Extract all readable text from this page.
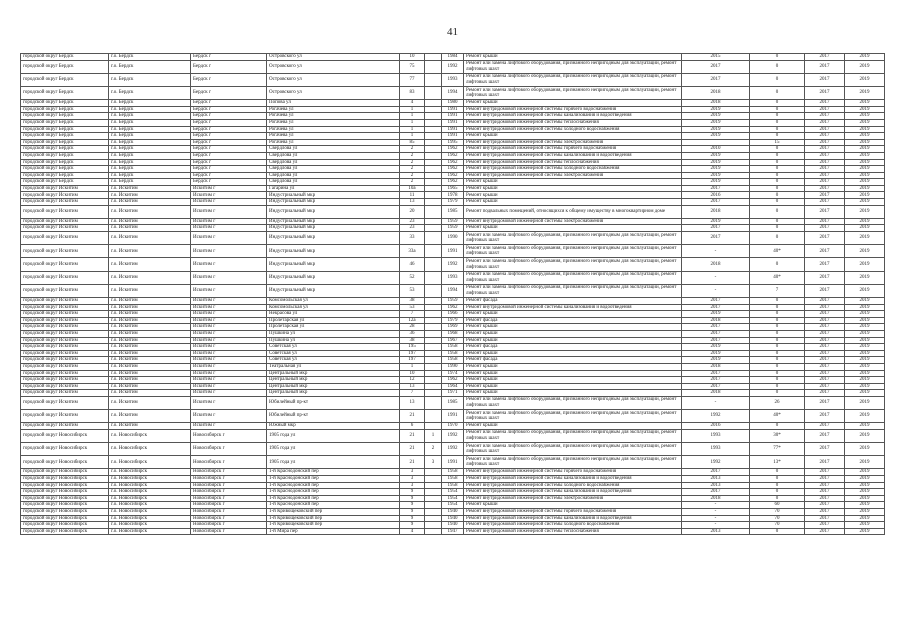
41
городской округ Бердск	г.о. Бердск	Бердск г	Островского ул	10		1984	Ремонт крыши	2015	0	2017	2019
городской округ Бердск	г.о. Бердск	Бердск г	Островского ул	75		1992	Ремонт или замена лифтового оборудования, признанного непригодным для эксплуатации, ремонт лифтовых шахт	2017	0	2017	2019
городской округ Бердск	г.о. Бердск	Бердск г	Островского ул	77		1993	Ремонт или замена лифтового оборудования, признанного непригодным для эксплуатации, ремонт лифтовых шахт	2017	0	2017	2019
городской округ Бердск	г.о. Бердск	Бердск г	Островского ул	83		1994	Ремонт или замена лифтового оборудования, признанного непригодным для эксплуатации, ремонт лифтовых шахт	2018	0	2017	2019
городской округ Бердск	г.о. Бердск	Бердск г	Попова ул	4		1980	Ремонт крыши	2018	0	2017	2019
городской округ Бердск	г.о. Бердск	Бердск г	Рогачева ул	1		1991	Ремонт внутридомовой инженерной системы горячего водоснабжения	2019	0	2017	2019
городской округ Бердск	г.о. Бердск	Бердск г	Рогачева ул	1		1991	Ремонт внутридомовой инженерной системы канализования и водоотведения	2019	0	2017	2019
городской округ Бердск	г.о. Бердск	Бердск г	Рогачева ул	1		1991	Ремонт внутридомовой инженерной системы теплоснабжения	2019	0	2017	2019
городской округ Бердск	г.о. Бердск	Бердск г	Рогачева ул	1		1991	Ремонт внутридомовой инженерной системы холодного водоснабжения	2019	0	2017	2019
городской округ Бердск	г.о. Бердск	Бердск г	Рогачева ул	1		1991	Ремонт крыши	2019	0	2017	2019
городской округ Бердск	г.о. Бердск	Бердск г	Рогачева ул	85		1995	Ремонт внутридомовой инженерной системы электроснабжения		15	2017	2019
городской округ Бердск	г.о. Бердск	Бердск г	Свердлова ул	2		1962	Ремонт внутридомовой инженерной системы горячего водоснабжения	2010	0	2017	2019
городской округ Бердск	г.о. Бердск	Бердск г	Свердлова ул	2		1962	Ремонт внутридомовой инженерной системы канализования и водоотведения	2019	0	2017	2019
городской округ Бердск	г.о. Бердск	Бердск г	Свердлова ул	2		1962	Ремонт внутридомовой инженерной системы теплоснабжения	2019	0	2017	2019
городской округ Бердск	г.о. Бердск	Бердск г	Свердлова ул	2		1962	Ремонт внутридомовой инженерной системы холодного водоснабжения	2019	0	2017	2019
городской округ Бердск	г.о. Бердск	Бердск г	Свердлова ул	2		1962	Ремонт внутридомовой инженерной системы электроснабжения	2019	0	2017	2019
городской округ Бердск	г.о. Бердск	Бердск г	Свердлова ул	2		1962	Ремонт крыши	2019	0	2017	2019
городской округ Искитим	г.о. Искитим	Искитим г	Гагарина ул	10а		1965	Ремонт крыши	2017	0	2017	2019
городской округ Искитим	г.о. Искитим	Искитим г	Индустриальный мкр	11		1978	Ремонт крыши	2016	0	2017	2019
городской округ Искитим	г.о. Искитим	Искитим г	Индустриальный мкр	13		1979	Ремонт крыши	2017	0	2017	2019
городской округ Искитим	г.о. Искитим	Искитим г	Индустриальный мкр	20		1985	Ремонт подвальных помещений, относящихся к общему имуществу в многоквартирном доме	2018	0	2017	2019
городской округ Искитим	г.о. Искитим	Искитим г	Индустриальный мкр	23		1959	Ремонт внутридомовой инженерной системы электроснабжения	2019	0	2017	2019
городской округ Искитим	г.о. Искитим	Искитим г	Индустриальный мкр	23		1959	Ремонт крыши	2017	0	2017	2019
городской округ Искитим	г.о. Искитим	Искитим г	Индустриальный мкр	33		1990	Ремонт или замена лифтового оборудования, признанного непригодным для эксплуатации, ремонт лифтовых шахт	2017	0	2017	2019
городской округ Искитим	г.о. Искитим	Искитим г	Индустриальный мкр	33а		1991	Ремонт или замена лифтового оборудования, признанного непригодным для эксплуатации, ремонт лифтовых шахт	-	40*	2017	2019
городской округ Искитим	г.о. Искитим	Искитим г	Индустриальный мкр	46		1992	Ремонт или замена лифтового оборудования, признанного непригодным для эксплуатации, ремонт лифтовых шахт	2018	0	2017	2019
городской округ Искитим	г.о. Искитим	Искитим г	Индустриальный мкр	52		1993	Ремонт или замена лифтового оборудования, признанного непригодным для эксплуатации, ремонт лифтовых шахт	-	40*	2017	2019
городской округ Искитим	г.о. Искитим	Искитим г	Индустриальный мкр	53		1994	Ремонт или замена лифтового оборудования, признанного непригодным для эксплуатации, ремонт лифтовых шахт	-	7	2017	2019
городской округ Искитим	г.о. Искитим	Искитим г	Комсомольская ул	38		1959	Ремонт фасада	2017	0	2017	2019
городской округ Искитим	г.о. Искитим	Искитим г	Комсомольская ул	53		1962	Ремонт внутридомовой инженерной системы канализования и водоотведения	2017	0	2017	2019
городской округ Искитим	г.о. Искитим	Искитим г	Некрасова ул	7		1966	Ремонт крыши	2019	0	2017	2019
городской округ Искитим	г.о. Искитим	Искитим г	Пролетарская ул	12а		1979	Ремонт фасада	2018	0	2017	2019
городской округ Искитим	г.о. Искитим	Искитим г	Пролетарская ул	28		1969	Ремонт крыши	2017	0	2017	2019
городской округ Искитим	г.о. Искитим	Искитим г	Пушкина ул	36		1968	Ремонт крыши	2017	0	2017	2019
городской округ Искитим	г.о. Искитим	Искитим г	Пушкина ул	38		1967	Ремонт крыши	2017	0	2017	2019
городской округ Искитим	г.о. Искитим	Искитим г	Советская ул	195		1958	Ремонт фасада	2019	0	2017	2019
городской округ Искитим	г.о. Искитим	Искитим г	Советская ул	197		1958	Ремонт крыши	2019	0	2017	2019
городской округ Искитим	г.о. Искитим	Искитим г	Советская ул	197		1958	Ремонт фасада	2019	0	2017	2019
городской округ Искитим	г.о. Искитим	Искитим г	Театральная ул	1		1990	Ремонт крыши	2018	0	2017	2019
городской округ Искитим	г.о. Искитим	Искитим г	Центральный мкр	10		1974	Ремонт крыши	2017	0	2017	2019
городской округ Искитим	г.о. Искитим	Искитим г	Центральный мкр	12		1962	Ремонт крыши	2017	0	2017	2019
городской округ Искитим	г.о. Искитим	Искитим г	Центральный мкр	13		1964	Ремонт крыши	2017	0	2017	2019
городской округ Искитим	г.о. Искитим	Искитим г	Центральный мкр	7		1971	Ремонт крыши	2018	0	2017	2019
городской округ Искитим	г.о. Искитим	Искитим г	Юбилейный пр-кт	13		1985	Ремонт или замена лифтового оборудования, признанного непригодным для эксплуатации, ремонт лифтовых шахт	-	26	2017	2019
городской округ Искитим	г.о. Искитим	Искитим г	Юбилейный пр-кт	21		1991	Ремонт или замена лифтового оборудования, признанного непригодным для эксплуатации, ремонт лифтовых шахт	1992	40*	2017	2019
городской округ Искитим	г.о. Искитим	Искитим г	Южный мкр	6		1970	Ремонт крыши	2016	0	2017	2019
городской округ Новосибирск	г.о. Новосибирск	Новосибирск г	1905 года ул	21	1	1992	Ремонт или замена лифтового оборудования, признанного непригодным для эксплуатации, ремонт лифтовых шахт	1993	30*	2017	2019
городской округ Новосибирск	г.о. Новосибирск	Новосибирск г	1905 года ул	21	2	1992	Ремонт или замена лифтового оборудования, признанного непригодным для эксплуатации, ремонт лифтовых шахт	1993	77*	2017	2019
городской округ Новосибирск	г.о. Новосибирск	Новосибирск г	1905 года ул	21	3	1991	Ремонт или замена лифтового оборудования, признанного непригодным для эксплуатации, ремонт лифтовых шахт	1992	13*	2017	2019
городской округ Новосибирск	г.о. Новосибирск	Новосибирск г	1-й Краснодонский пер	3		1958	Ремонт внутридомовой инженерной системы горячего водоснабжения	2017	0	2017	2019
городской округ Новосибирск	г.о. Новосибирск	Новосибирск г	1-й Краснодонский пер	3		1958	Ремонт внутридомовой инженерной системы канализования и водоотведения	2013	0	2017	2019
городской округ Новосибирск	г.о. Новосибирск	Новосибирск г	1-й Краснодонский пер	3		1958	Ремонт внутридомовой инженерной системы холодного водоснабжения	2013	0	2017	2019
городской округ Новосибирск	г.о. Новосибирск	Новосибирск г	1-й Краснодонский пер	9		1954	Ремонт внутридомовой инженерной системы канализования и водоотведения	2017	0	2017	2019
городской округ Новосибирск	г.о. Новосибирск	Новосибирск г	1-й Краснодонский пер	9		1954	Ремонт внутридомовой инженерной системы электроснабжения	2018	0	2017	2019
городской округ Новосибирск	г.о. Новосибирск	Новосибирск г	1-й Краснодонский пер	9		1954	Ремонт крыши	-	60	2017	2019
городской округ Новосибирск	г.о. Новосибирск	Новосибирск г	1-й Кривощековский пер	9		1940	Ремонт внутридомовой инженерной системы горячего водоснабжения	-	70	2017	2019
городской округ Новосибирск	г.о. Новосибирск	Новосибирск г	1-й Кривощековский пер	9		1940	Ремонт внутридомовой инженерной системы канализования и водоотведения	-	70	2017	2019
городской округ Новосибирск	г.о. Новосибирск	Новосибирск г	1-й Кривощековский пер	9		1940	Ремонт внутридомовой инженерной системы холодного водоснабжения	-	70	2017	2019
городской округ Новосибирск	г.о. Новосибирск	Новосибирск г	1-й Мира пер	4		1947	Ремонт внутридомовой инженерной системы теплоснабжения	2013	0	2017	2019
